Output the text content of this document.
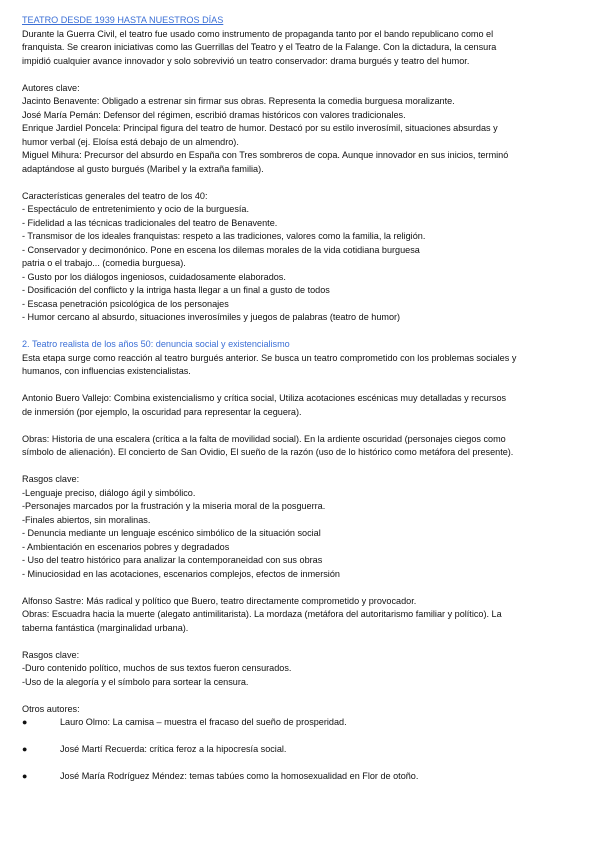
TEATRO DESDE 1939 HASTA NUESTROS DÍAS

Durante la Guerra Civil, el teatro fue usado como instrumento de propaganda tanto por el bando republicano como el

franquista. Se crearon iniciativas como las Guerrillas del Teatro y el Teatro de la Falange. Con la dictadura, la censura

impidió cualquier avance innovador y solo sobrevivió un teatro conservador: drama burgués y teatro del humor.

Autores clave:

Jacinto Benavente: Obligado a estrenar sin firmar sus obras. Representa la comedia burguesa moralizante.

José María Pemán: Defensor del régimen, escribió dramas históricos con valores tradicionales.

Enrique Jardiel Poncela: Principal figura del teatro de humor. Destacó por su estilo inverosímil, situaciones absurdas y

humor verbal (ej. Eloísa está debajo de un almendro).

Miguel Mihura: Precursor del absurdo en España con Tres sombreros de copa. Aunque innovador en sus inicios, terminó

adaptándose al gusto burgués (Maribel y la extraña familia).

Características generales del teatro de los 40:

- Espectáculo de entretenimiento y ocio de la burguesía.

- Fidelidad a las técnicas tradicionales del teatro de Benavente.

- Transmisor de los ideales franquistas: respeto a las tradiciones, valores como la familia, la religión.

- Conservador y decimonónico. Pone en escena los dilemas morales de la vida cotidiana burguesa

patria o el trabajo... (comedia burguesa).

- Gusto por los diálogos ingeniosos, cuidadosamente elaborados.

- Dosificación del conflicto y la intriga hasta llegar a un final a gusto de todos

- Escasa penetración psicológica de los personajes

- Humor cercano al absurdo, situaciones inverosímiles y juegos de palabras (teatro de humor)

2. Teatro realista de los años 50: denuncia social y existencialismo

Esta etapa surge como reacción al teatro burgués anterior. Se busca un teatro comprometido con los problemas sociales y

humanos, con influencias existencialistas.

Antonio Buero Vallejo: Combina existencialismo y crítica social, Utiliza acotaciones escénicas muy detalladas y recursos

de inmersión (por ejemplo, la oscuridad para representar la ceguera).

Obras: Historia de una escalera (crítica a la falta de movilidad social). En la ardiente oscuridad (personajes ciegos como

símbolo de alienación). El concierto de San Ovidio, El sueño de la razón (uso de lo histórico como metáfora del presente).

Rasgos clave:

-Lenguaje preciso, diálogo ágil y simbólico.

-Personajes marcados por la frustración y la miseria moral de la posguerra.

-Finales abiertos, sin moralinas.

- Denuncia mediante un lenguaje escénico simbólico de la situación social

- Ambientación en escenarios pobres y degradados

- Uso del teatro histórico para analizar la contemporaneidad con sus obras

- Minuciosidad en las acotaciones, escenarios complejos, efectos de inmersión

Alfonso Sastre: Más radical y político que Buero, teatro directamente comprometido y provocador.

Obras: Escuadra hacia la muerte (alegato antimilitarista). La mordaza (metáfora del autoritarismo familiar y político). La

taberna fantástica (marginalidad urbana).

Rasgos clave:

-Duro contenido político, muchos de sus textos fueron censurados.

-Uso de la alegoría y el símbolo para sortear la censura.

Otros autores:

●	Lauro Olmo: La camisa – muestra el fracaso del sueño de prosperidad.
●	José Martí Recuerda: crítica feroz a la hipocresía social.
●	José María Rodríguez Méndez: temas tabúes como la homosexualidad en Flor de otoño.
